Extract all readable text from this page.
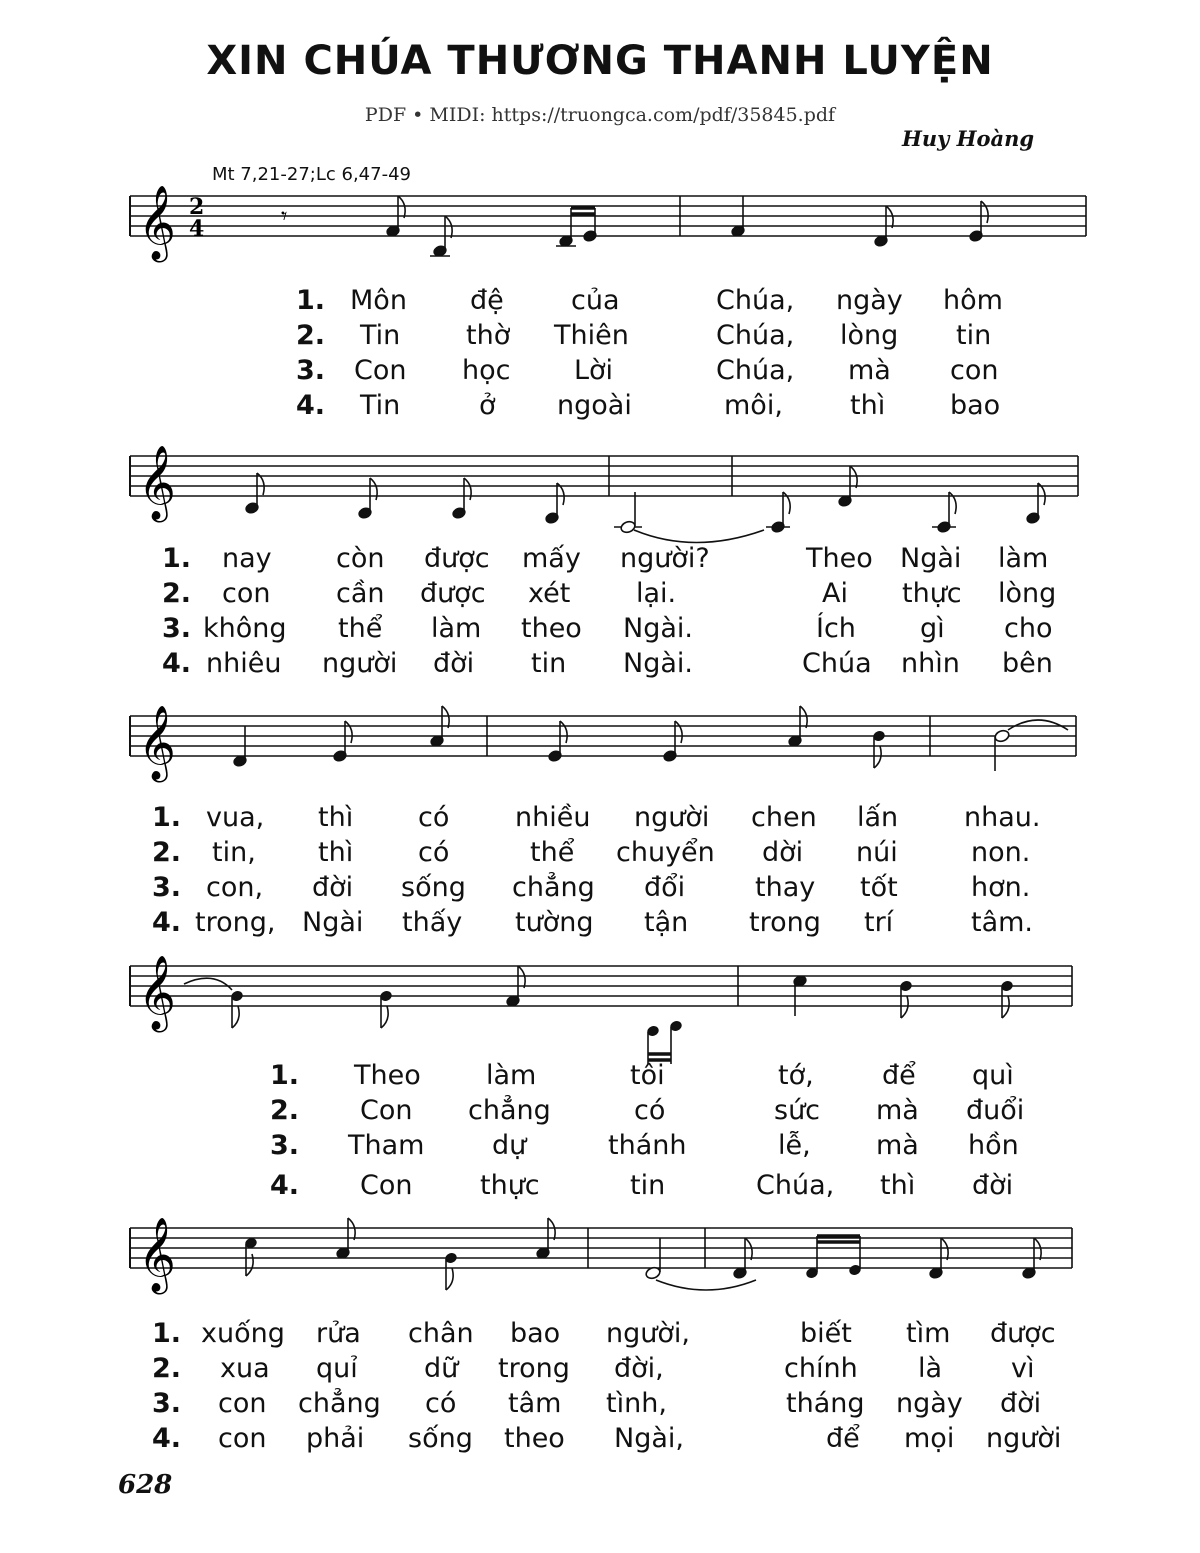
XIN CHÚA THƯƠNG THANH LUYỆN
PDF • MIDI: https://truongca.com/pdf/35845.pdf
Huy Hoàng
Mt 7,21-27;Lc 6,47-49
𝄞 2
4	𝄾

1. Môn đệ của	Chúa, ngày hôm

2. Tin thờ Thiên	Chúa, lòng tin

3. Con học Lời	Chúa, mà con

4. Tin	ở ngoài	môi, thì bao

𝄞

1. nay còn được mấy người?	Theo Ngài làm

2. con cần được xét lại.	Ai thực lòng

3. không thể làm theo Ngài.	Ích gì cho

4. nhiêu người đời tin Ngài.	Chúa nhìn bên

𝄞

1. vua, thì có nhiều người chen lấn nhau.

2. tin, thì có	thể chuyển dời núi	non.

3. con, đời sống chẳng đổi	thay tốt	hơn.

4. trong, Ngài thấy tường tận trong trí	tâm.

𝄞

1. Theo làm	tôi	tớ,	để quì

2. Con chẳng	có	sức mà đuổi

3. Tham	dự	thánh	lễ, mà hồn

4. Con	thực	tin	Chúa, thì đời

𝄞

1. xuống rửa chân bao người,	biết tìm được

2. xua quỉ dữ trong đời,	chính là	vì

3. con chẳng có tâm tình,	tháng ngày đời

4. con phải sống theo Ngài,	để mọi người

628
